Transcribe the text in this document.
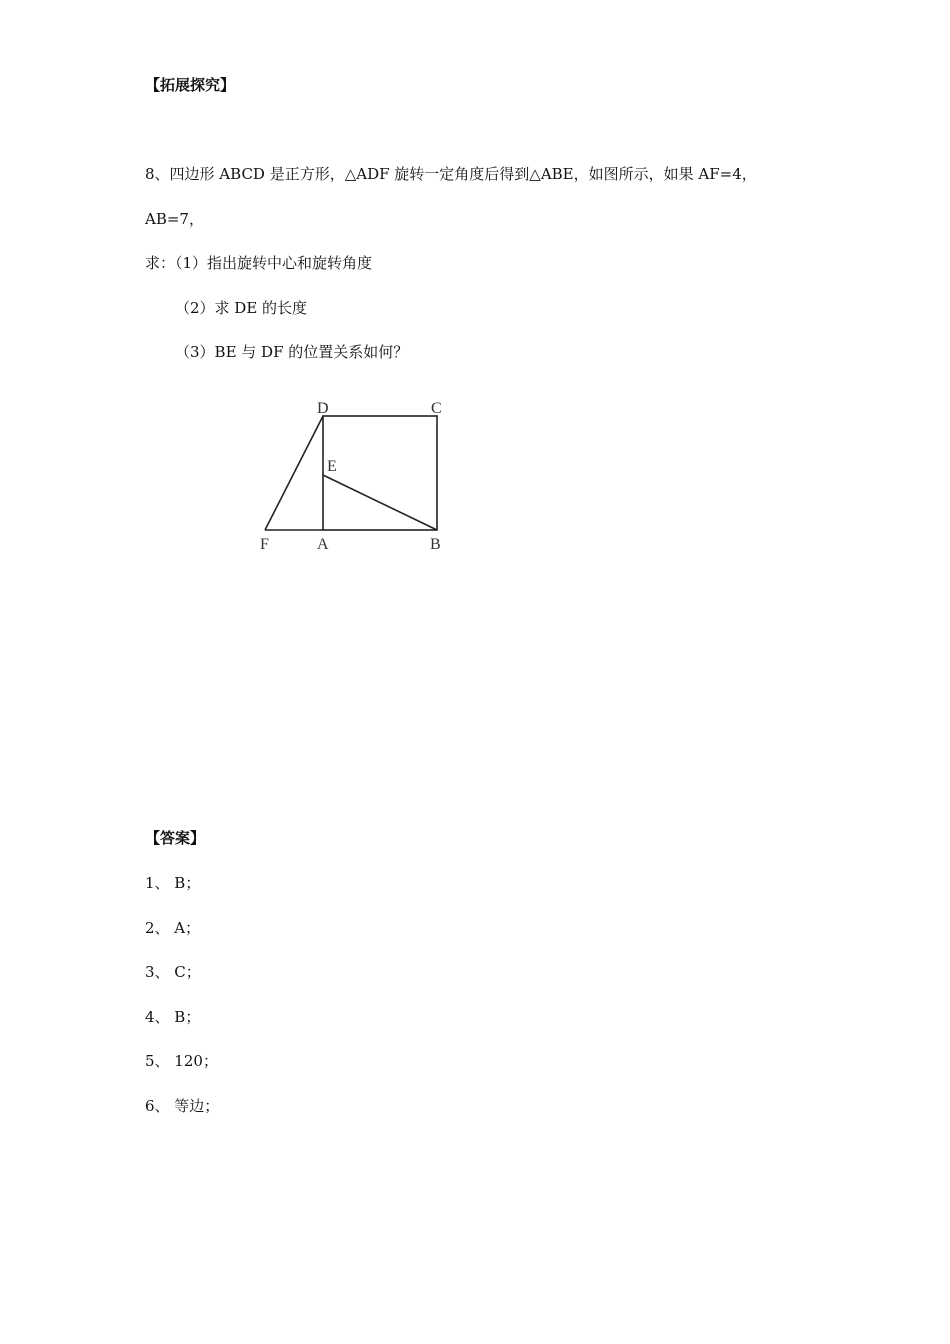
【拓展探究】
8、四边形 ABCD 是正方形，△ADF 旋转一定角度后得到△ABE，如图所示，如果 AF=4，
AB=7，
求：（1）指出旋转中心和旋转角度
（2）求 DE 的长度
（3）BE 与 DF 的位置关系如何？
D	C
E
F	A	B
【答案】
1、 B；
2、 A；
3、 C；
4、 B；
5、 120；
6、 等边；
